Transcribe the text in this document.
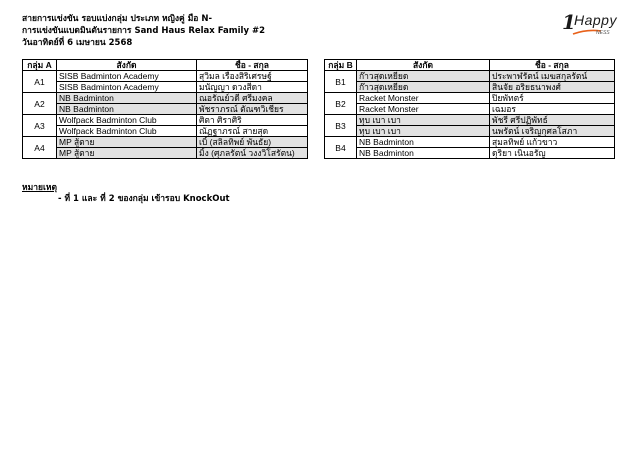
สายการแข่งขัน รอบแบ่งกลุ่ม ประเภท หญิงคู่ มือ N-
การแข่งขันแบดมินตันรายการ Sand Haus Relax Family #2
วันอาทิตย์ที่ 6 เมษายน 2568
1
Happy
NESS
กลุ่ม A	สังกัด	ชื่อ - สกุล
A1	SISB Badminton Academy	สุวิมล เรืองสิริเศรษฐ์
	SISB Badminton Academy	มนัญญา ดวงสีดา
A2	NB Badminton	ณอรัณย์วดี ศรีมงคล
	NB Badminton	พัชราภรณ์ ตัณฑวิเชียร
A3	Wolfpack Badminton Club	ศิตา ศิราศิริ
	Wolfpack Badminton Club	ณัฏฐาภรณ์ สายสุด
A4	MP สู้ตาย	เบิ้ (สลิลทิพย์ พันธัย)
	MP สู้ตาย	มิ้ง (ศุภลรัตน์ วงงวิโสรัตน)
กลุ่ม B	สังกัด	ชื่อ - สกุล
B1	ก๊าวสุดเหยียด	ประพาฬรัตน์ เมฆสกุลรัตน์
	ก๊าวสุดเหยียด	สินจัย อริยธนาพงศ์
B2	Racket Monster	ปิยพัทตร์
	Racket Monster	เฉมอร
B3	ทุบ เบา เบา	พัชรี ศรีปฏิพัทธ์
	ทุบ เบา เบา	นพรัตน์ เจริญกุศลโสภา
B4	NB Badminton	สุมลทิพย์ แก้วขาว
	NB Badminton	ดุริยา เนินอรัญ
หมายเหตุ
- ที่ 1 และ ที่ 2 ของกลุ่ม เข้ารอบ KnockOut
